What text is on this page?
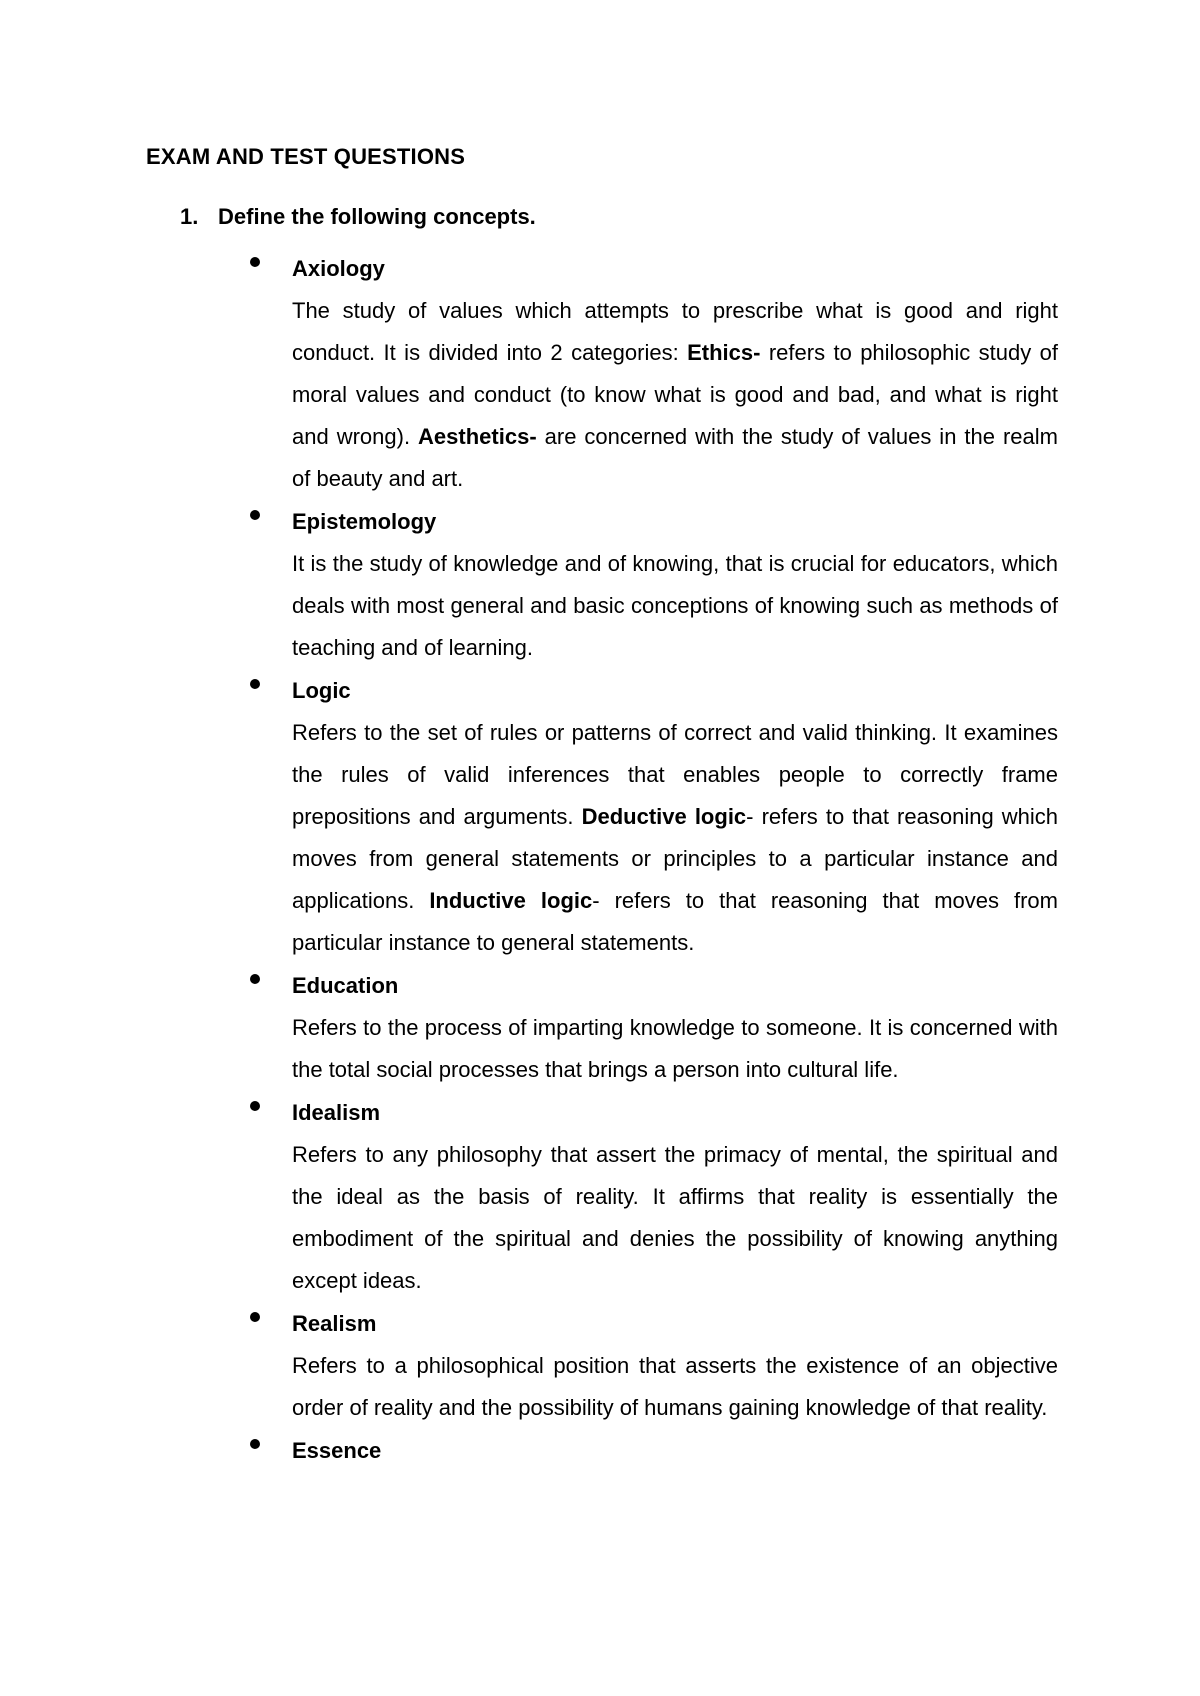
EXAM AND TEST QUESTIONS
1. Define the following concepts.
Axiology
The study of values which attempts to prescribe what is good and right conduct. It is divided into 2 categories: Ethics- refers to philosophic study of moral values and conduct (to know what is good and bad, and what is right and wrong). Aesthetics- are concerned with the study of values in the realm of beauty and art.
Epistemology
It is the study of knowledge and of knowing, that is crucial for educators, which deals with most general and basic conceptions of knowing such as methods of teaching and of learning.
Logic
Refers to the set of rules or patterns of correct and valid thinking. It examines the rules of valid inferences that enables people to correctly frame prepositions and arguments. Deductive logic- refers to that reasoning which moves from general statements or principles to a particular instance and applications. Inductive logic- refers to that reasoning that moves from particular instance to general statements.
Education
Refers to the process of imparting knowledge to someone. It is concerned with the total social processes that brings a person into cultural life.
Idealism
Refers to any philosophy that assert the primacy of mental, the spiritual and the ideal as the basis of reality. It affirms that reality is essentially the embodiment of the spiritual and denies the possibility of knowing anything except ideas.
Realism
Refers to a philosophical position that asserts the existence of an objective order of reality and the possibility of humans gaining knowledge of that reality.
Essence
